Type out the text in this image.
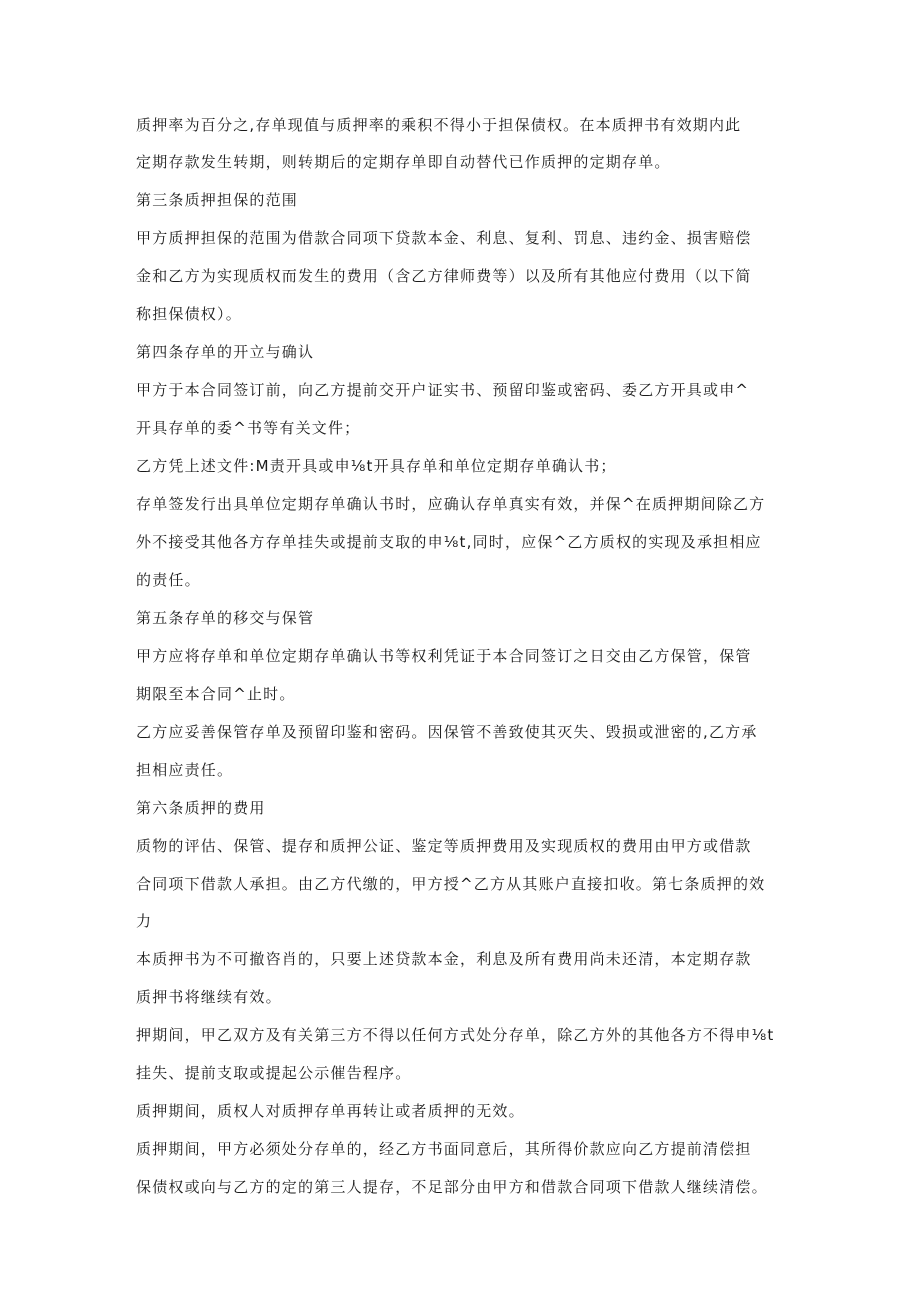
质押率为百分之,存单现值与质押率的乘积不得小于担保债权。在本质押书有效期内此
定期存款发生转期，则转期后的定期存单即自动替代已作质押的定期存单。
第三条质押担保的范围
甲方质押担保的范围为借款合同项下贷款本金、利息、复利、罚息、违约金、损害赔偿
金和乙方为实现质权而发生的费用（含乙方律师费等）以及所有其他应付费用（以下简
称担保债权）。
第四条存单的开立与确认
甲方于本合同签订前，向乙方提前交开户证实书、预留印鉴或密码、委乙方开具或申^
开具存单的委^书等有关文件；
乙方凭上述文件:M责开具或申⅛t开具存单和单位定期存单确认书；
存单签发行出具单位定期存单确认书时，应确认存单真实有效，并保^在质押期间除乙方
外不接受其他各方存单挂失或提前支取的申⅛t,同时，应保^乙方质权的实现及承担相应
的责任。
第五条存单的移交与保管
甲方应将存单和单位定期存单确认书等权利凭证于本合同签订之日交由乙方保管，保管
期限至本合同^止时。
乙方应妥善保管存单及预留印鉴和密码。因保管不善致使其灭失、毁损或泄密的,乙方承
担相应责任。
第六条质押的费用
质物的评估、保管、提存和质押公证、鉴定等质押费用及实现质权的费用由甲方或借款
合同项下借款人承担。由乙方代缴的，甲方授^乙方从其账户直接扣收。第七条质押的效
力
本质押书为不可撤咨肖的，只要上述贷款本金，利息及所有费用尚未还清，本定期存款
质押书将继续有效。
押期间，甲乙双方及有关第三方不得以任何方式处分存单，除乙方外的其他各方不得申⅛t
挂失、提前支取或提起公示催告程序。
质押期间，质权人对质押存单再转让或者质押的无效。
质押期间，甲方必须处分存单的，经乙方书面同意后，其所得价款应向乙方提前清偿担
保债权或向与乙方的定的第三人提存，不足部分由甲方和借款合同项下借款人继续清偿。
